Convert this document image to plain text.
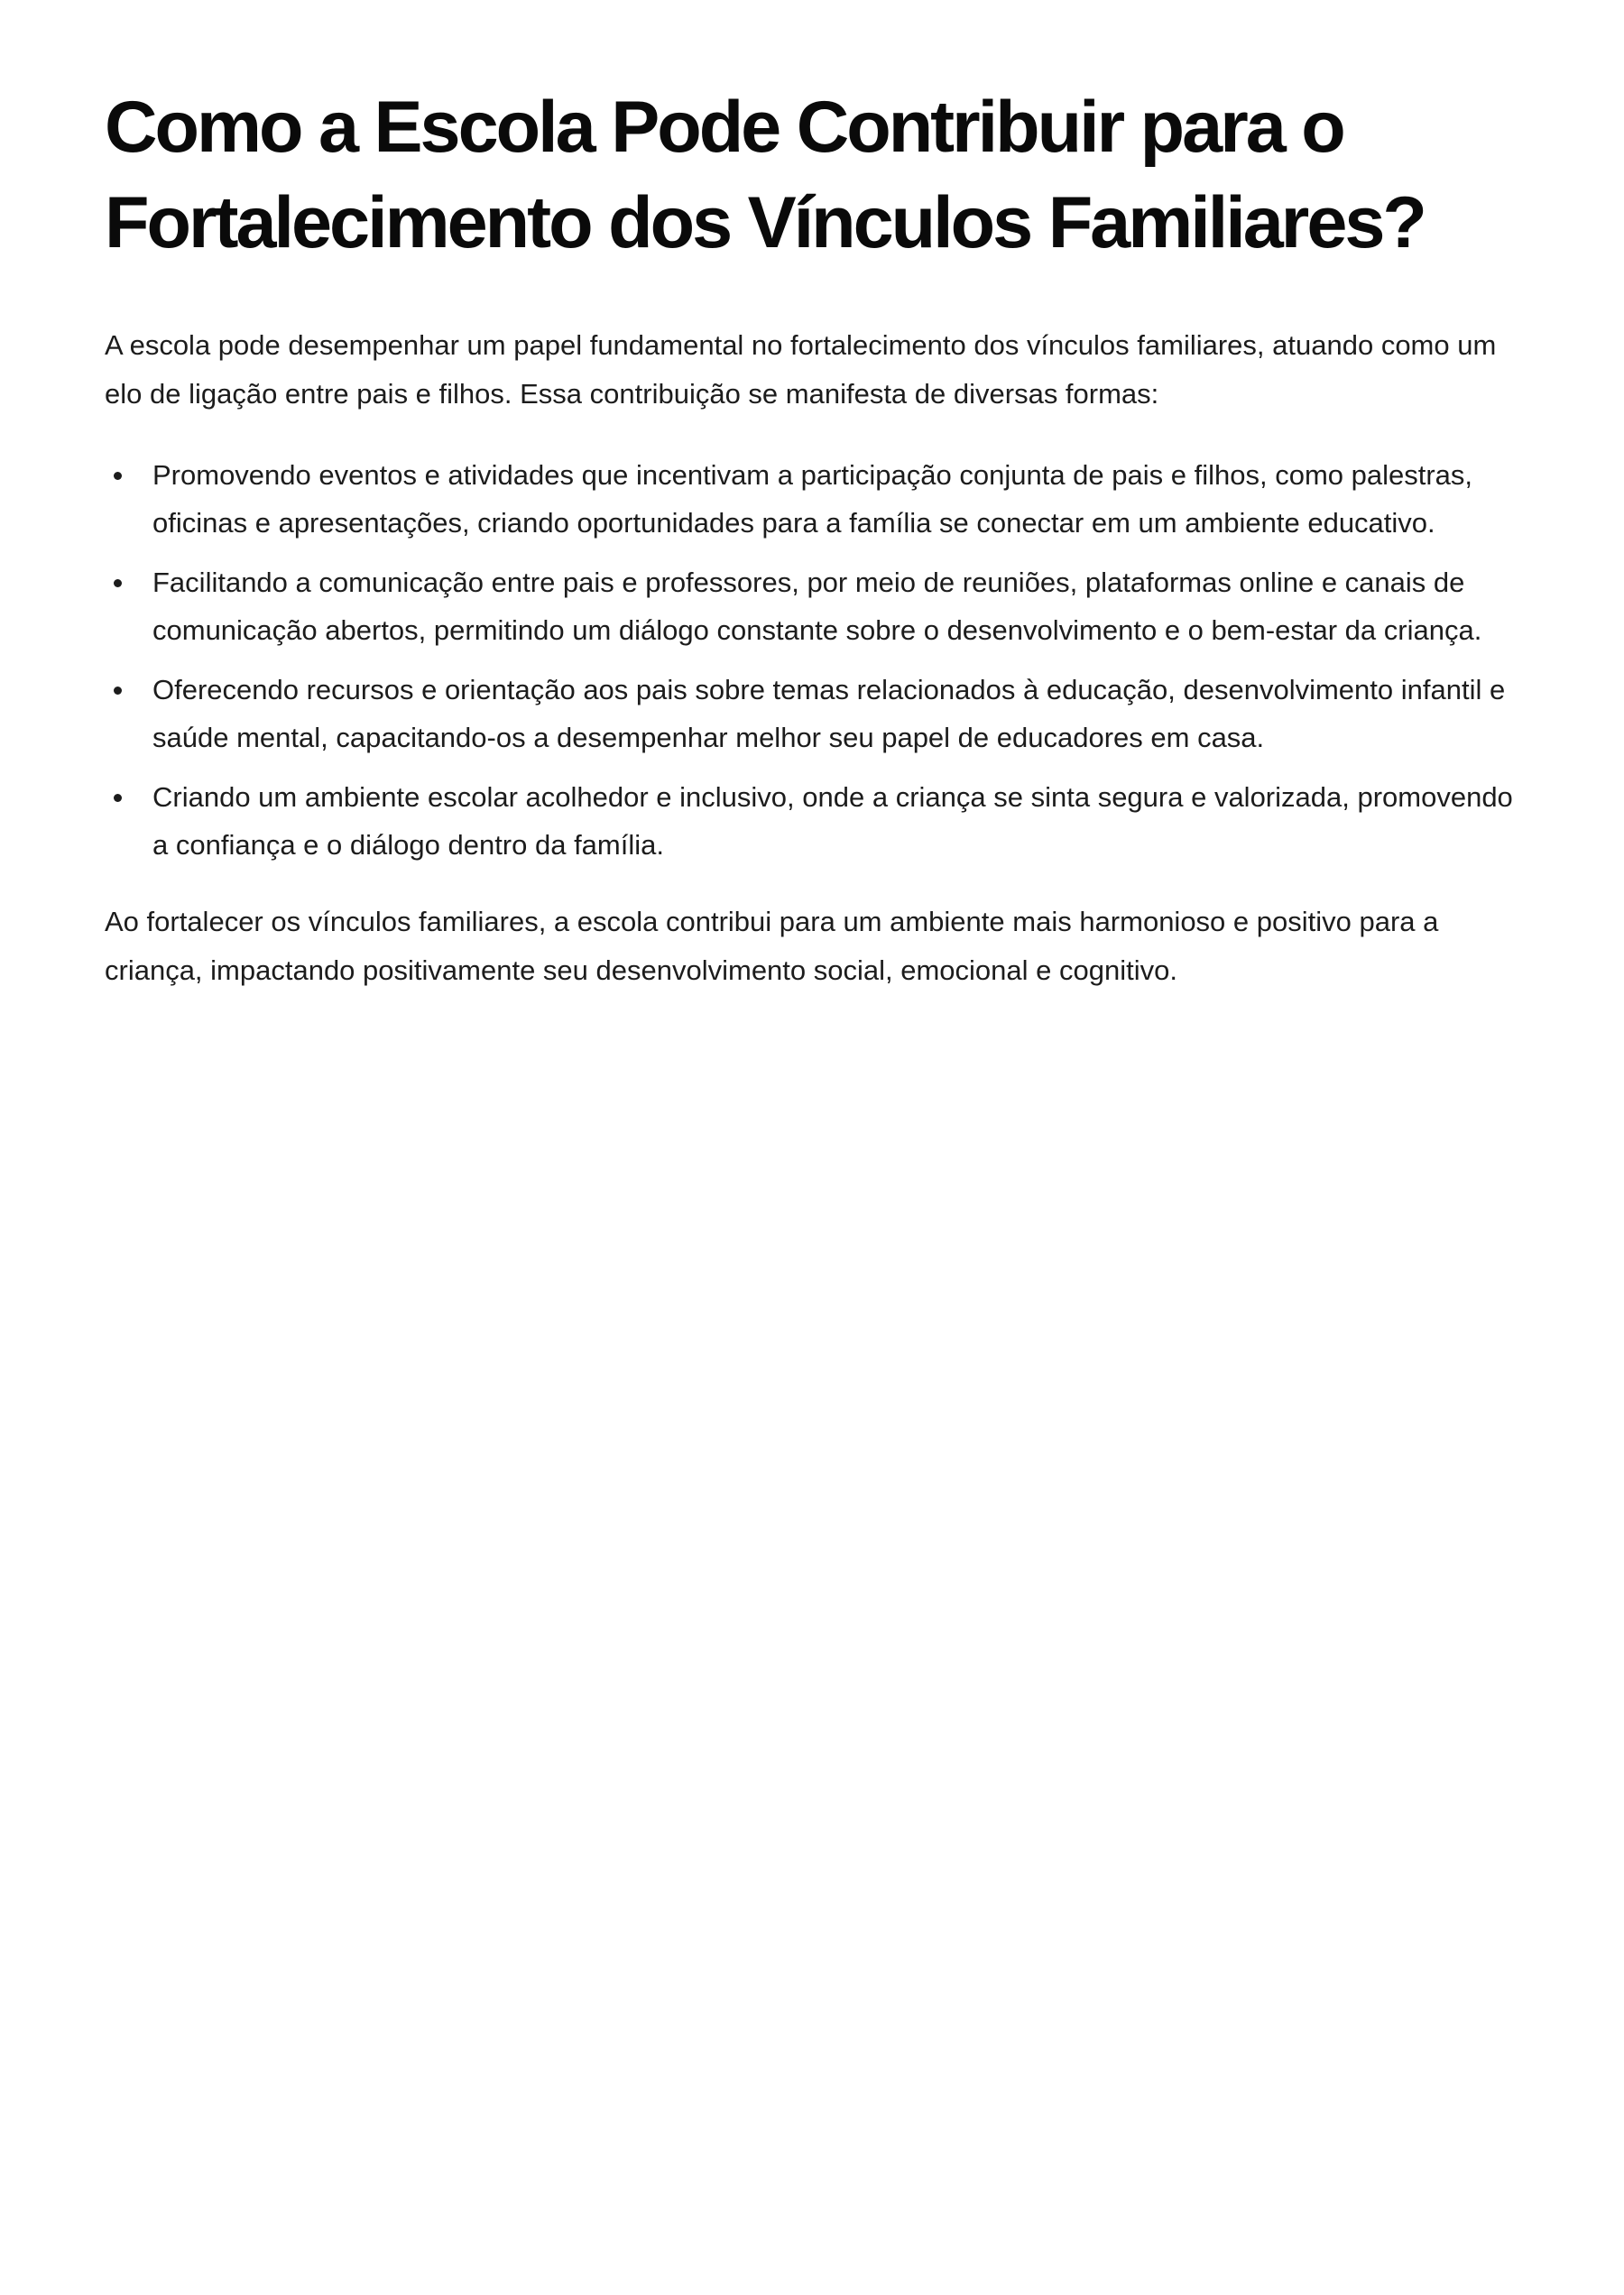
Como a Escola Pode Contribuir para o
Fortalecimento dos Vínculos Familiares?

A escola pode desempenhar um papel fundamental no fortalecimento dos vínculos familiares, atuando como um elo de ligação entre pais e filhos. Essa contribuição se manifesta de diversas formas:

Promovendo eventos e atividades que incentivam a participação conjunta de pais e filhos, como palestras, oficinas e apresentações, criando oportunidades para a família se conectar em um ambiente educativo.
Facilitando a comunicação entre pais e professores, por meio de reuniões, plataformas online e canais de comunicação abertos, permitindo um diálogo constante sobre o desenvolvimento e o bem-estar da criança.
Oferecendo recursos e orientação aos pais sobre temas relacionados à educação, desenvolvimento infantil e saúde mental, capacitando-os a desempenhar melhor seu papel de educadores em casa.
Criando um ambiente escolar acolhedor e inclusivo, onde a criança se sinta segura e valorizada, promovendo a confiança e o diálogo dentro da família.

Ao fortalecer os vínculos familiares, a escola contribui para um ambiente mais harmonioso e positivo para a criança, impactando positivamente seu desenvolvimento social, emocional e cognitivo.
